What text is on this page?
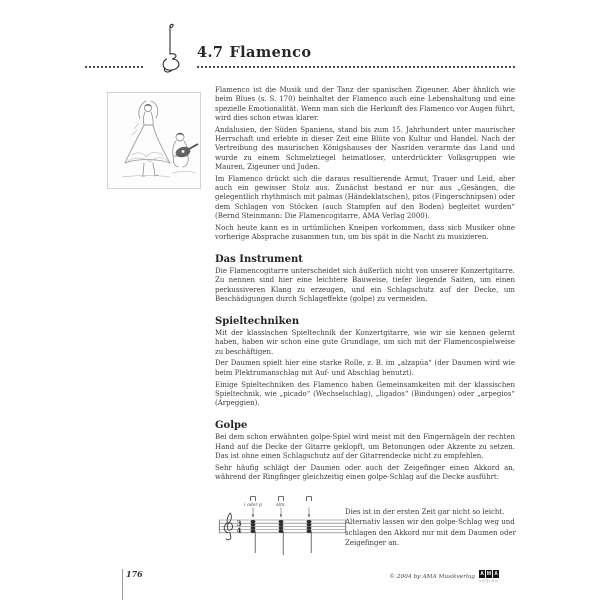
4.7 Flamenco

Flamenco ist die Musik und der Tanz der spanischen Zigeuner. Aber ähnlich wie beim Blues (s. S. 170) beinhaltet der Flamenco auch eine Lebenshaltung und eine spezielle Emotionalität. Wenn man sich die Herkunft des Flamenco vor Augen führt, wird dies schon etwas klarer.

Andalusien, der Süden Spaniens, stand bis zum 15. Jahrhundert unter maurischer Herrschaft und erlebte in dieser Zeit eine Blüte von Kultur und Handel. Nach der Vertreibung des maurischen Königshauses der Nasriden verarmte das Land und wurde zu einem Schmelztiegel heimatloser, unterdrückter Volksgruppen wie Mauren, Zigeuner und Juden.

Im Flamenco drückt sich die daraus resultierende Armut, Trauer und Leid, aber auch ein gewisser Stolz aus. Zunächst bestand er nur aus „Gesängen, die gelegentlich rhythmisch mit palmas (Händeklatschen), pitos (Fingerschnipsen) oder dem Schlagen von Stöcken (auch Stampfen auf den Boden) begleitet wurden“ (Bernd Steinmann: Die Flamencogitarre, AMA Verlag 2000).

Noch heute kann es in urtümlichen Kneipen vorkommen, dass sich Musiker ohne vorherige Absprache zusammen tun, um bis spät in die Nacht zu musizieren.

Das Instrument

Die Flamencogitarre unterscheidet sich äußerlich nicht von unserer Konzertgitarre. Zu nennen sind hier eine leichtere Bauweise, tiefer liegende Saiten, um einen perkussiveren Klang zu erzeugen, und ein Schlagschutz auf der Decke, um Beschädigungen durch Schlageffekte (golpe) zu vermeiden.

Spieltechniken

Mit der klassischen Spieltechnik der Konzertgitarre, wie wir sie kennen gelernt haben, haben wir schon eine gute Grundlage, um sich mit der Flamencospielweise zu beschäftigen.

Der Daumen spielt hier eine starke Rolle, z. B. im „alzapúa“ (der Daumen wird wie beim Plektrumanschlag mit Auf- und Abschlag benutzt).

Einige Spieltechniken des Flamenco haben Gemeinsamkeiten mit der klassischen Spieltechnik, wie „picado“ (Wechselschlag), „ligados“ (Bindungen) oder „arpegios“ (Arpeggien).

Golpe

Bei dem schon erwähnten golpe-Spiel wird meist mit den Fingernägeln der rechten Hand auf die Decke der Gitarre geklopft, um Betonungen oder Akzente zu setzen. Das ist ohne einen Schlagschutz auf der Gitarrendecke nicht zu empfehlen.

Sehr häufig schlägt der Daumen oder auch der Zeigefinger einen Akkord an, während der Ringfinger gleichzeitig einen golpe-Schlag auf die Decke ausführt:

i oder p	sim.
3
4
Dies ist in der ersten Zeit gar nicht so leicht. Alternativ lassen wir den golpe-Schlag weg und schlagen den Akkord nur mit dem Daumen oder Zeigefinger an.
176	© 2004 by AMA Musikverlag A M A
VERLAG
